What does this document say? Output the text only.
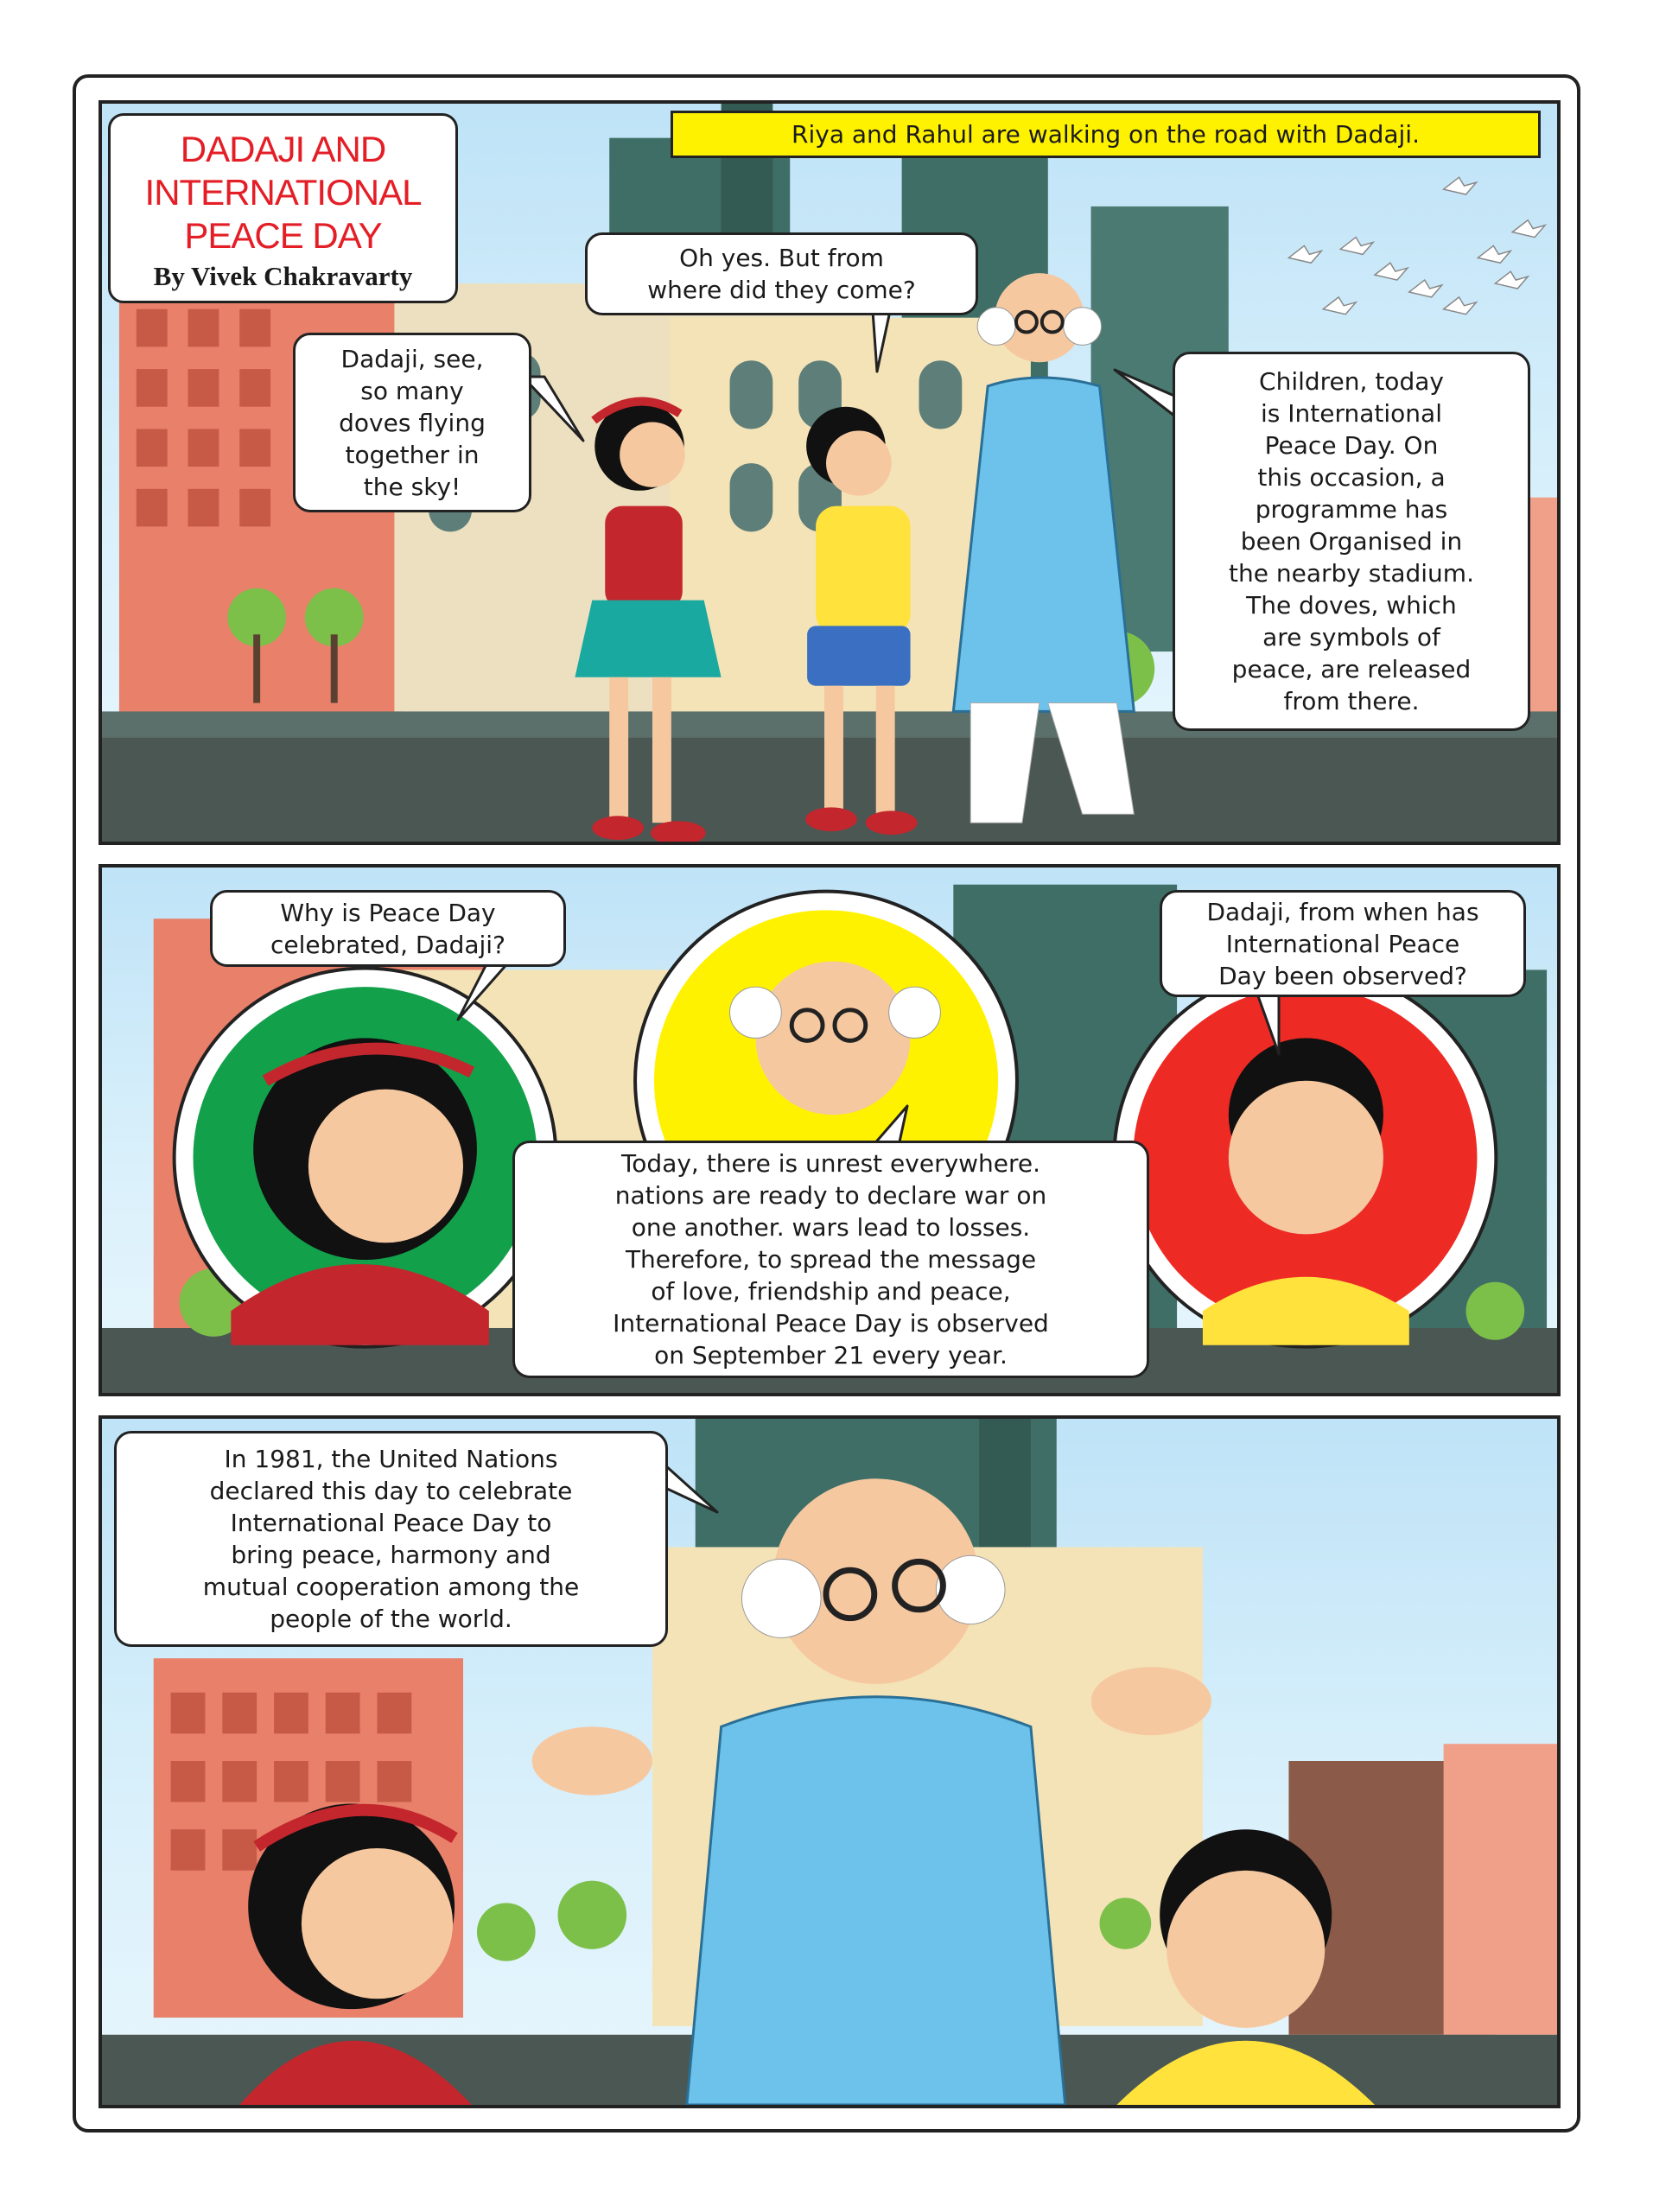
DADAJI AND
INTERNATIONAL
PEACE DAY
By Vivek Chakravarty
Riya and Rahul are walking on the road with Dadaji.
Dadaji, see,
so many
doves flying
together in
the sky!
Oh yes. But from
where did they come?
Children, today
is International
Peace Day. On
this occasion, a
programme has
been Organised in
the nearby stadium.
The doves, which
are symbols of
peace, are released
from there.
Why is Peace Day
celebrated, Dadaji?
Dadaji, from when has
International Peace
Day been observed?
Today, there is unrest everywhere.
nations are ready to declare war on
one another. wars lead to losses.
Therefore, to spread the message
of love, friendship and peace,
International Peace Day is observed
on September 21 every year.
In 1981, the United Nations
declared this day to celebrate
International Peace Day to
bring peace, harmony and
mutual cooperation among the
people of the world.
